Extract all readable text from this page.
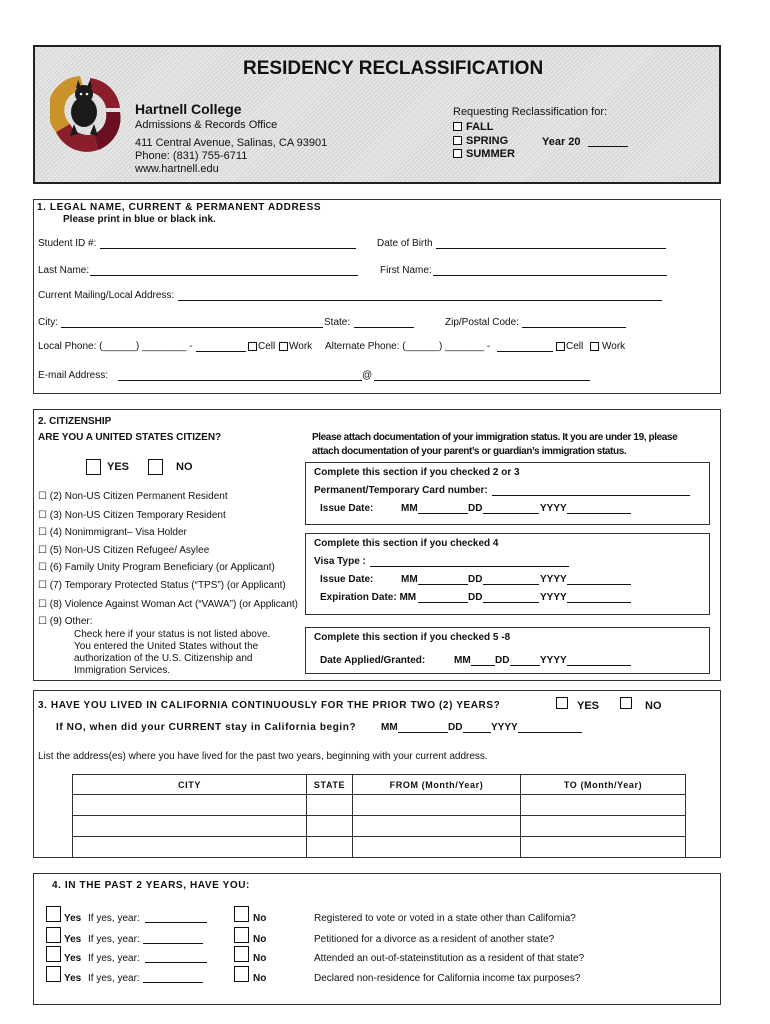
RESIDENCY RECLASSIFICATION
Hartnell College
Admissions & Records Office
411 Central Avenue, Salinas, CA 93901
Phone: (831) 755-6711
www.hartnell.edu
Requesting Reclassification for:
FALL
SPRING
SUMMER
Year 20
1. LEGAL NAME, CURRENT & PERMANENT ADDRESS
Please print in blue or black ink.
Student ID #:	Date of Birth
Last Name:	First Name:
Current Mailing/Local Address:
City:	State:	Zip/Postal Code:
Local Phone: (______) ________ -	Cell Work Alternate Phone: (______) _______ -	Cell Work
E-mail Address:	@
2. CITIZENSHIP
ARE YOU A UNITED STATES CITIZEN?
YES	NO
Please attach documentation of your immigration status. It you are under 19, please
attach documentation of your parent’s or guardian’s immigration status.
☐ (2) Non-US Citizen Permanent Resident
☐ (3) Non-US Citizen Temporary Resident
☐ (4) Nonimmigrant– Visa Holder
☐ (5) Non-US Citizen Refugee/ Asylee
☐ (6) Family Unity Program Beneficiary (or Applicant)
☐ (7) Temporary Protected Status (“TPS”) (or Applicant)
☐ (8) Violence Against Woman Act (“VAWA”) (or Applicant)
☐ (9) Other:
Check here if your status is not listed above.
You entered the United States without the
authorization of the U.S. Citizenship and
Immigration Services.
Complete this section if you checked 2 or 3
Permanent/Temporary Card number:
Issue Date:	MM	DD	YYYY
Complete this section if you checked 4
Visa Type :
Issue Date:	MM	DD	YYYY
Expiration Date: MM	DD	YYYY
Complete this section if you checked 5 -8
Date Applied/Granted:	MM DD	YYYY
3. HAVE YOU LIVED IN CALIFORNIA CONTINUOUSLY FOR THE PRIOR TWO (2) YEARS?	YES	NO
If NO, when did your CURRENT stay in California begin? MM	DD	YYYY
List the address(es) where you have lived for the past two years, beginning with your current address.
CITY	STATE	FROM (Month/Year)	TO (Month/Year)

4. IN THE PAST 2 YEARS, HAVE YOU:
Yes If yes, year:	No	Registered to vote or voted in a state other than California?
Yes If yes, year:	No	Petitioned for a divorce as a resident of another state?
Yes If yes, year:	No	Attended an out-of-stateinstitution as a resident of that state?
Yes If yes, year:	No	Declared non-residence for California income tax purposes?
